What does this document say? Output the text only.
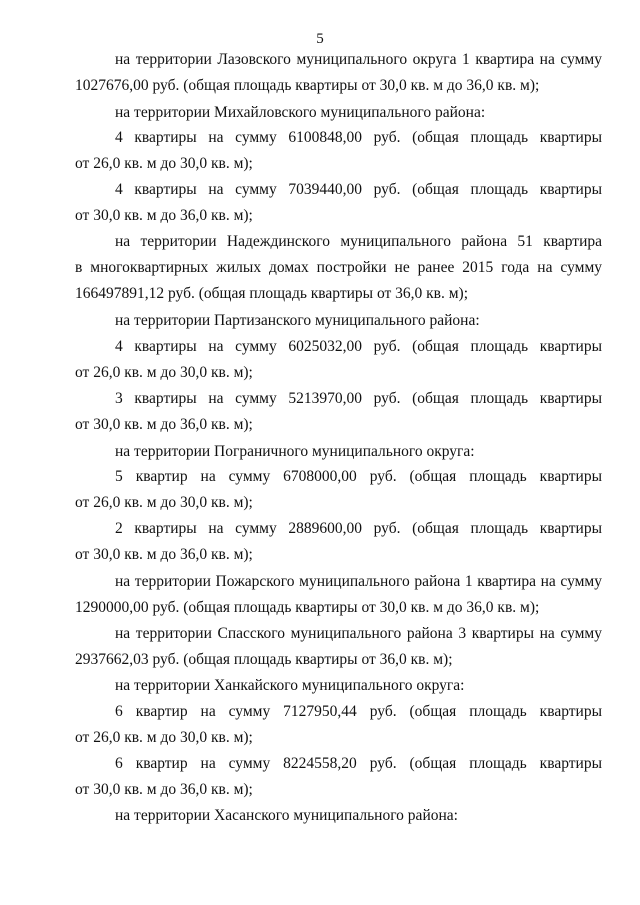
5
на территории Лазовского муниципального округа 1 квартира на сумму
1027676,00 руб. (общая площадь квартиры от 30,0 кв. м до 36,0 кв. м);
на территории Михайловского муниципального района:
4 квартиры на сумму 6100848,00 руб. (общая площадь квартиры
от 26,0 кв. м до 30,0 кв. м);
4 квартиры на сумму 7039440,00 руб. (общая площадь квартиры
от 30,0 кв. м до 36,0 кв. м);
на территории Надеждинского муниципального района 51 квартира
в многоквартирных жилых домах постройки не ранее 2015 года на сумму
166497891,12 руб. (общая площадь квартиры от 36,0 кв. м);
на территории Партизанского муниципального района:
4 квартиры на сумму 6025032,00 руб. (общая площадь квартиры
от 26,0 кв. м до 30,0 кв. м);
3 квартиры на сумму 5213970,00 руб. (общая площадь квартиры
от 30,0 кв. м до 36,0 кв. м);
на территории Пограничного муниципального округа:
5 квартир на сумму 6708000,00 руб. (общая площадь квартиры
от 26,0 кв. м до 30,0 кв. м);
2 квартиры на сумму 2889600,00 руб. (общая площадь квартиры
от 30,0 кв. м до 36,0 кв. м);
на территории Пожарского муниципального района 1 квартира на сумму
1290000,00 руб. (общая площадь квартиры от 30,0 кв. м до 36,0 кв. м);
на территории Спасского муниципального района 3 квартиры на сумму
2937662,03 руб. (общая площадь квартиры от 36,0 кв. м);
на территории Ханкайского муниципального округа:
6 квартир на сумму 7127950,44 руб. (общая площадь квартиры
от 26,0 кв. м до 30,0 кв. м);
6 квартир на сумму 8224558,20 руб. (общая площадь квартиры
от 30,0 кв. м до 36,0 кв. м);
на территории Хасанского муниципального района:
